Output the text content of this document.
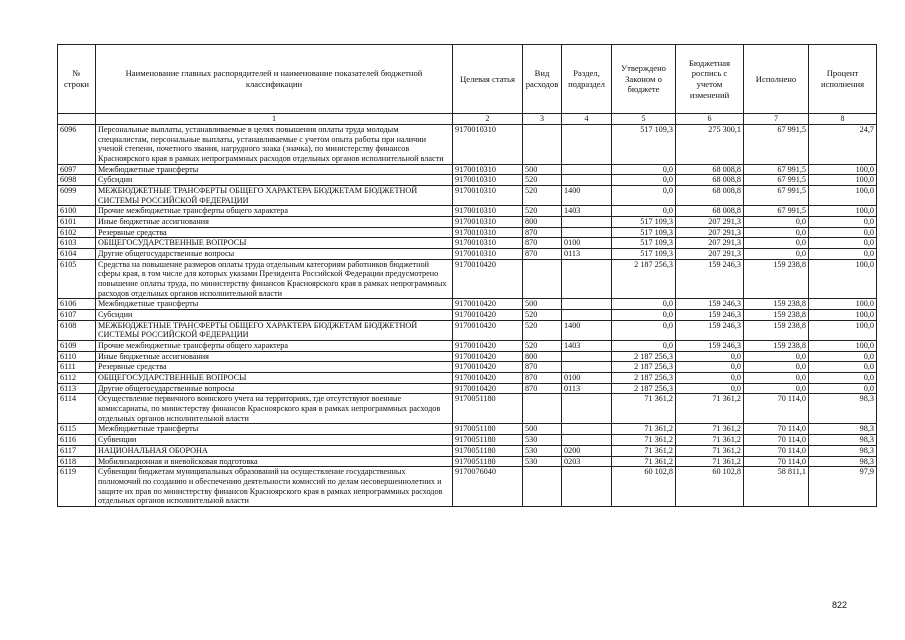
№ строки	Наименование главных распорядителей и наименование показателей бюджетной классификации	Целевая статья	Вид расходов	Раздел, подраздел	Утверждено Законом о бюджете	Бюджетная роспись с учетом изменений	Исполнено	Процент исполнения
	1	2	3	4	5	6	7	8
6096	Персональные выплаты, устанавливаемые в целях повышения оплаты труда молодым специалистам, персональные выплаты, устанавливаемые с учетом опыта работы при наличии ученой степени, почетного звания, нагрудного знака (значка), по министерству финансов Красноярского края в рамках непрограммных расходов отдельных органов исполнительной власти	9170010310			517 109,3	275 300,1	67 991,5	24,7
6097	Межбюджетные трансферты	9170010310	500		0,0	68 008,8	67 991,5	100,0
6098	Субсидии	9170010310	520		0,0	68 008,8	67 991,5	100,0
6099	МЕЖБЮДЖЕТНЫЕ ТРАНСФЕРТЫ ОБЩЕГО ХАРАКТЕРА БЮДЖЕТАМ БЮДЖЕТНОЙ СИСТЕМЫ РОССИЙСКОЙ ФЕДЕРАЦИИ	9170010310	520	1400	0,0	68 008,8	67 991,5	100,0
6100	Прочие межбюджетные трансферты общего характера	9170010310	520	1403	0,0	68 008,8	67 991,5	100,0
6101	Иные бюджетные ассигнования	9170010310	800		517 109,3	207 291,3	0,0	0,0
6102	Резервные средства	9170010310	870		517 109,3	207 291,3	0,0	0,0
6103	ОБЩЕГОСУДАРСТВЕННЫЕ ВОПРОСЫ	9170010310	870	0100	517 109,3	207 291,3	0,0	0,0
6104	Другие общегосударственные вопросы	9170010310	870	0113	517 109,3	207 291,3	0,0	0,0
6105	Средства на повышение размеров оплаты труда отдельным категориям работников бюджетной сферы края, в том числе для которых указами Президента Российской Федерации предусмотрено повышение оплаты труда, по министерству финансов Красноярского края в рамках непрограммных расходов отдельных органов исполнительной власти	9170010420			2 187 256,3	159 246,3	159 238,8	100,0
6106	Межбюджетные трансферты	9170010420	500		0,0	159 246,3	159 238,8	100,0
6107	Субсидии	9170010420	520		0,0	159 246,3	159 238,8	100,0
6108	МЕЖБЮДЖЕТНЫЕ ТРАНСФЕРТЫ ОБЩЕГО ХАРАКТЕРА БЮДЖЕТАМ БЮДЖЕТНОЙ СИСТЕМЫ РОССИЙСКОЙ ФЕДЕРАЦИИ	9170010420	520	1400	0,0	159 246,3	159 238,8	100,0
6109	Прочие межбюджетные трансферты общего характера	9170010420	520	1403	0,0	159 246,3	159 238,8	100,0
6110	Иные бюджетные ассигнования	9170010420	800		2 187 256,3	0,0	0,0	0,0
6111	Резервные средства	9170010420	870		2 187 256,3	0,0	0,0	0,0
6112	ОБЩЕГОСУДАРСТВЕННЫЕ ВОПРОСЫ	9170010420	870	0100	2 187 256,3	0,0	0,0	0,0
6113	Другие общегосударственные вопросы	9170010420	870	0113	2 187 256,3	0,0	0,0	0,0
6114	Осуществление первичного воинского учета на территориях, где отсутствуют военные комиссариаты, по министерству финансов Красноярского края в рамках непрограммных расходов отдельных органов исполнительной власти	9170051180			71 361,2	71 361,2	70 114,0	98,3
6115	Межбюджетные трансферты	9170051180	500		71 361,2	71 361,2	70 114,0	98,3
6116	Субвенции	9170051180	530		71 361,2	71 361,2	70 114,0	98,3
6117	НАЦИОНАЛЬНАЯ ОБОРОНА	9170051180	530	0200	71 361,2	71 361,2	70 114,0	98,3
6118	Мобилизационная и вневойсковая подготовка	9170051180	530	0203	71 361,2	71 361,2	70 114,0	98,3
6119	Субвенции бюджетам муниципальных образований на осуществление государственных полномочий по созданию и обеспечению деятельности комиссий по делам несовершеннолетних и защите их прав по министерству финансов Красноярского края в рамках непрограммных расходов отдельных органов исполнительной власти	9170076040			60 102,8	60 102,8	58 811,1	97,9
822
